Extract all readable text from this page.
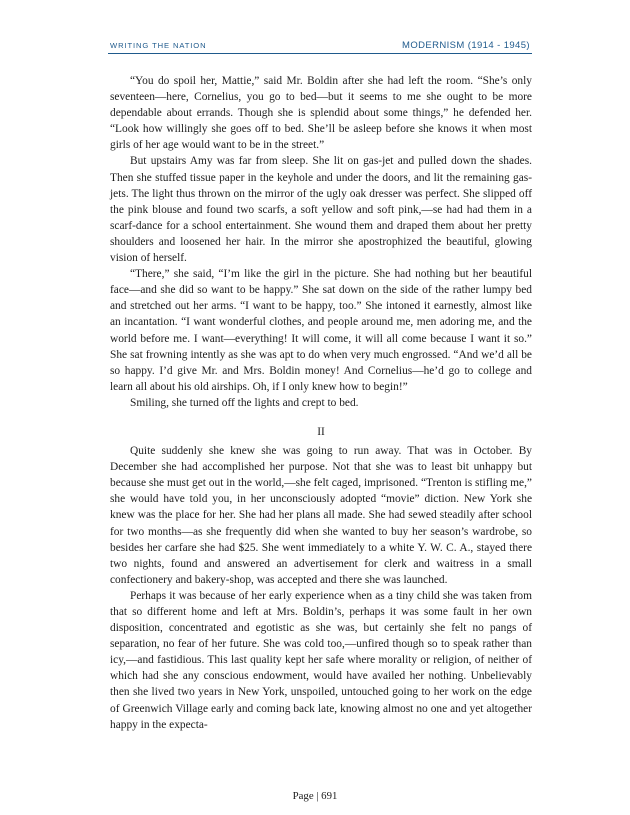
WRITING THE NATION	MODERNISM (1914 - 1945)

“You do spoil her, Mattie,” said Mr. Boldin after she had left the room. “She’s only seventeen—here, Cornelius, you go to bed—but it seems to me she ought to be more dependable about errands. Though she is splendid about some things,” he defended her. “Look how willingly she goes off to bed. She’ll be asleep before she knows it when most girls of her age would want to be in the street.”

But upstairs Amy was far from sleep. She lit on gas-jet and pulled down the shades. Then she stuffed tissue paper in the keyhole and under the doors, and lit the remaining gas-jets. The light thus thrown on the mirror of the ugly oak dresser was perfect. She slipped off the pink blouse and found two scarfs, a soft yellow and soft pink,—se had had them in a scarf-dance for a school entertainment. She wound them and draped them about her pretty shoulders and loosened her hair. In the mirror she apostrophized the beautiful, glowing vision of herself.

“There,” she said, “I’m like the girl in the picture. She had nothing but her beautiful face—and she did so want to be happy.” She sat down on the side of the rather lumpy bed and stretched out her arms. “I want to be happy, too.” She intoned it earnestly, almost like an incantation. “I want wonderful clothes, and people around me, men adoring me, and the world before me. I want—everything! It will come, it will all come because I want it so.” She sat frowning intently as she was apt to do when very much engrossed. “And we’d all be so happy. I’d give Mr. and Mrs. Boldin money! And Cornelius—he’d go to college and learn all about his old airships. Oh, if I only knew how to begin!”

Smiling, she turned off the lights and crept to bed.

II

Quite suddenly she knew she was going to run away. That was in October. By December she had accomplished her purpose. Not that she was to least bit unhappy but because she must get out in the world,—she felt caged, imprisoned. “Trenton is stifling me,” she would have told you, in her unconsciously adopted “movie” diction. New York she knew was the place for her. She had her plans all made. She had sewed steadily after school for two months—as she frequently did when she wanted to buy her season’s wardrobe, so besides her carfare she had $25. She went immediately to a white Y. W. C. A., stayed there two nights, found and answered an advertisement for clerk and waitress in a small confectionery and bakery-shop, was accepted and there she was launched.

Perhaps it was because of her early experience when as a tiny child she was taken from that so different home and left at Mrs. Boldin’s, perhaps it was some fault in her own disposition, concentrated and egotistic as she was, but certainly she felt no pangs of separation, no fear of her future. She was cold too,—unfired though so to speak rather than icy,—and fastidious. This last quality kept her safe where morality or religion, of neither of which had she any conscious endowment, would have availed her nothing. Unbelievably then she lived two years in New York, unspoiled, untouched going to her work on the edge of Greenwich Village early and coming back late, knowing almost no one and yet altogether happy in the expecta-

Page | 691
